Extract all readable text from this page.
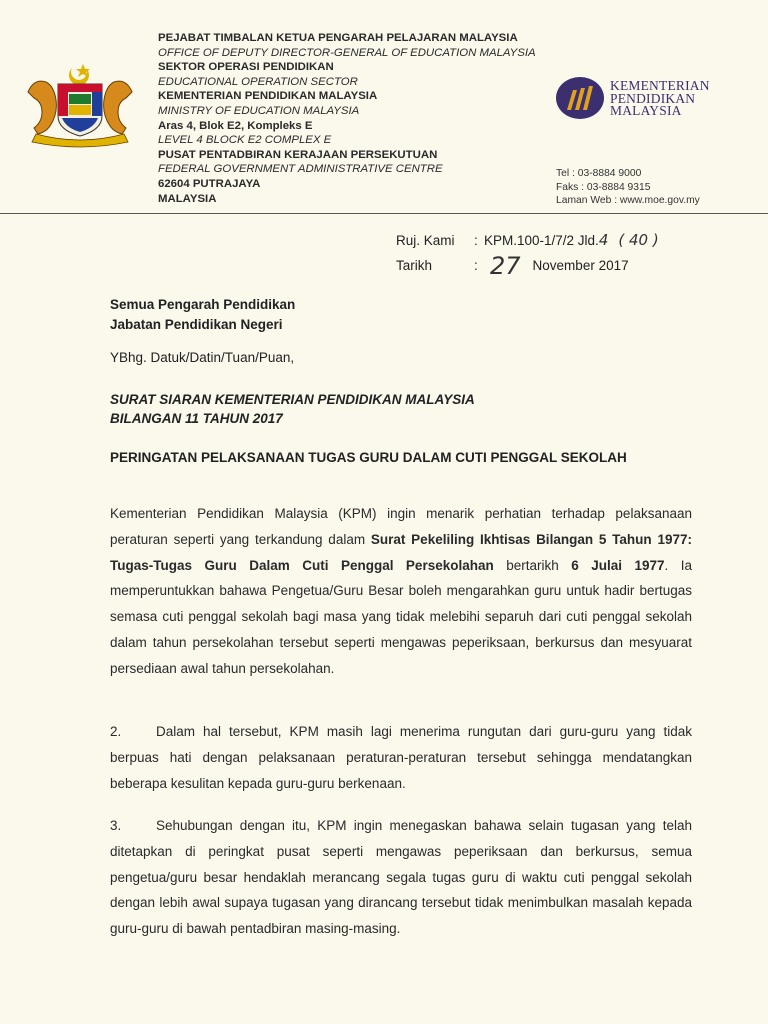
PEJABAT TIMBALAN KETUA PENGARAH PELAJARAN MALAYSIA
OFFICE OF DEPUTY DIRECTOR-GENERAL OF EDUCATION MALAYSIA
SEKTOR OPERASI PENDIDIKAN
EDUCATIONAL OPERATION SECTOR
KEMENTERIAN PENDIDIKAN MALAYSIA
MINISTRY OF EDUCATION MALAYSIA
Aras 4, Blok E2, Kompleks E
LEVEL 4 BLOCK E2 COMPLEX E
PUSAT PENTADBIRAN KERAJAAN PERSEKUTUAN
FEDERAL GOVERNMENT ADMINISTRATIVE CENTRE
62604 PUTRAJAYA
MALAYSIA
KEMENTERIAN
PENDIDIKAN
MALAYSIA
Tel : 03-8884 9000
Faks : 03-8884 9315
Laman Web : www.moe.gov.my
Ruj. Kami	: KPM.100-1/7/2 Jld. 4 ( 40 )
Tarikh	: 27 November 2017
Semua Pengarah Pendidikan
Jabatan Pendidikan Negeri
YBhg. Datuk/Datin/Tuan/Puan,
SURAT SIARAN KEMENTERIAN PENDIDIKAN MALAYSIA
BILANGAN 11 TAHUN 2017
PERINGATAN PELAKSANAAN TUGAS GURU DALAM CUTI PENGGAL SEKOLAH
Kementerian Pendidikan Malaysia (KPM) ingin menarik perhatian terhadap pelaksanaan peraturan seperti yang terkandung dalam Surat Pekeliling Ikhtisas Bilangan 5 Tahun 1977: Tugas-Tugas Guru Dalam Cuti Penggal Persekolahan bertarikh 6 Julai 1977. Ia memperuntukkan bahawa Pengetua/Guru Besar boleh mengarahkan guru untuk hadir bertugas semasa cuti penggal sekolah bagi masa yang tidak melebihi separuh dari cuti penggal sekolah dalam tahun persekolahan tersebut seperti mengawas peperiksaan, berkursus dan mesyuarat persediaan awal tahun persekolahan.
2.	Dalam hal tersebut, KPM masih lagi menerima rungutan dari guru-guru yang tidak berpuas hati dengan pelaksanaan peraturan-peraturan tersebut sehingga mendatangkan beberapa kesulitan kepada guru-guru berkenaan.
3.	Sehubungan dengan itu, KPM ingin menegaskan bahawa selain tugasan yang telah ditetapkan di peringkat pusat seperti mengawas peperiksaan dan berkursus, semua pengetua/guru besar hendaklah merancang segala tugas guru di waktu cuti penggal sekolah dengan lebih awal supaya tugasan yang dirancang tersebut tidak menimbulkan masalah kepada guru-guru di bawah pentadbiran masing-masing.
